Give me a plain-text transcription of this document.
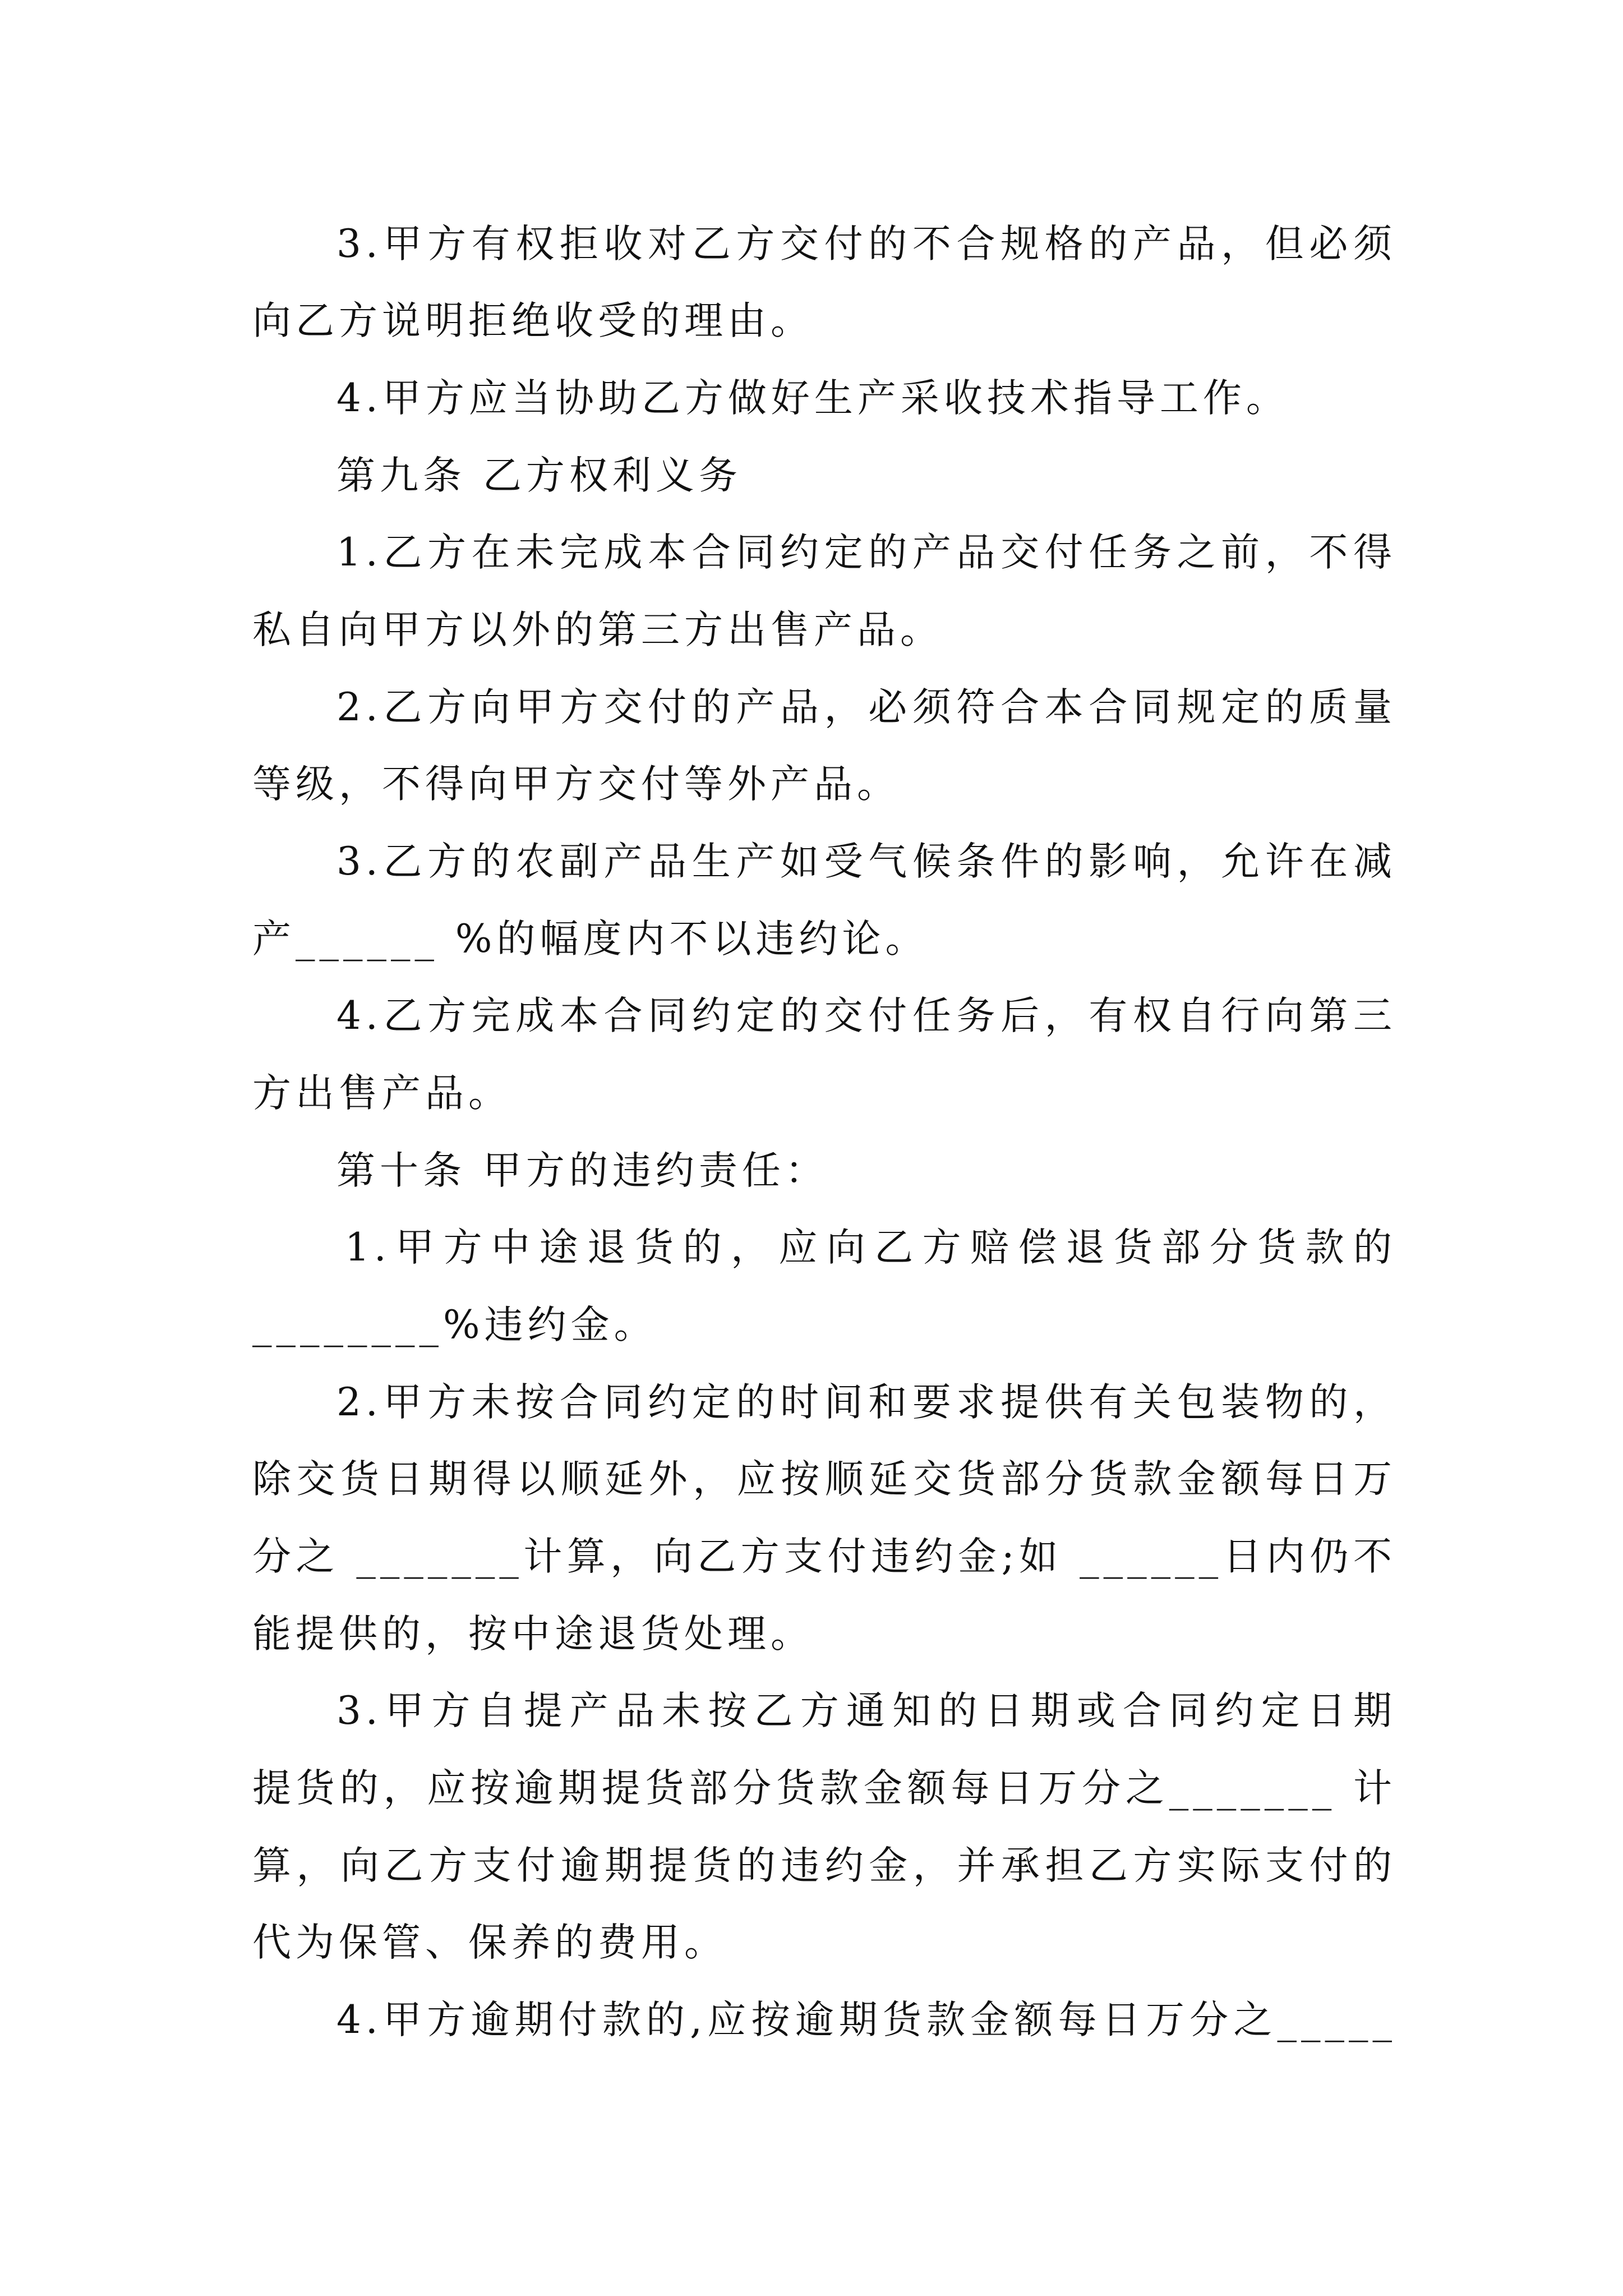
3.甲方有权拒收对乙方交付的不合规格的产品，但必须
向乙方说明拒绝收受的理由。
4.甲方应当协助乙方做好生产采收技术指导工作。
第九条 乙方权利义务
1.乙方在未完成本合同约定的产品交付任务之前，不得
私自向甲方以外的第三方出售产品。
2.乙方向甲方交付的产品，必须符合本合同规定的质量
等级，不得向甲方交付等外产品。
3.乙方的农副产品生产如受气候条件的影响，允许在减
产______ %的幅度内不以违约论。
4.乙方完成本合同约定的交付任务后，有权自行向第三
方出售产品。
第十条 甲方的违约责任：
1.甲方中途退货的，应向乙方赔偿退货部分货款的
________%违约金。
2.甲方未按合同约定的时间和要求提供有关包装物的，
除交货日期得以顺延外，应按顺延交货部分货款金额每日万
分之 _______计算，向乙方支付违约金;如 ______日内仍不
能提供的，按中途退货处理。
3.甲方自提产品未按乙方通知的日期或合同约定日期
提货的，应按逾期提货部分货款金额每日万分之_______ 计
算，向乙方支付逾期提货的违约金，并承担乙方实际支付的
代为保管、保养的费用。
4.甲方逾期付款的,应按逾期货款金额每日万分之_____
